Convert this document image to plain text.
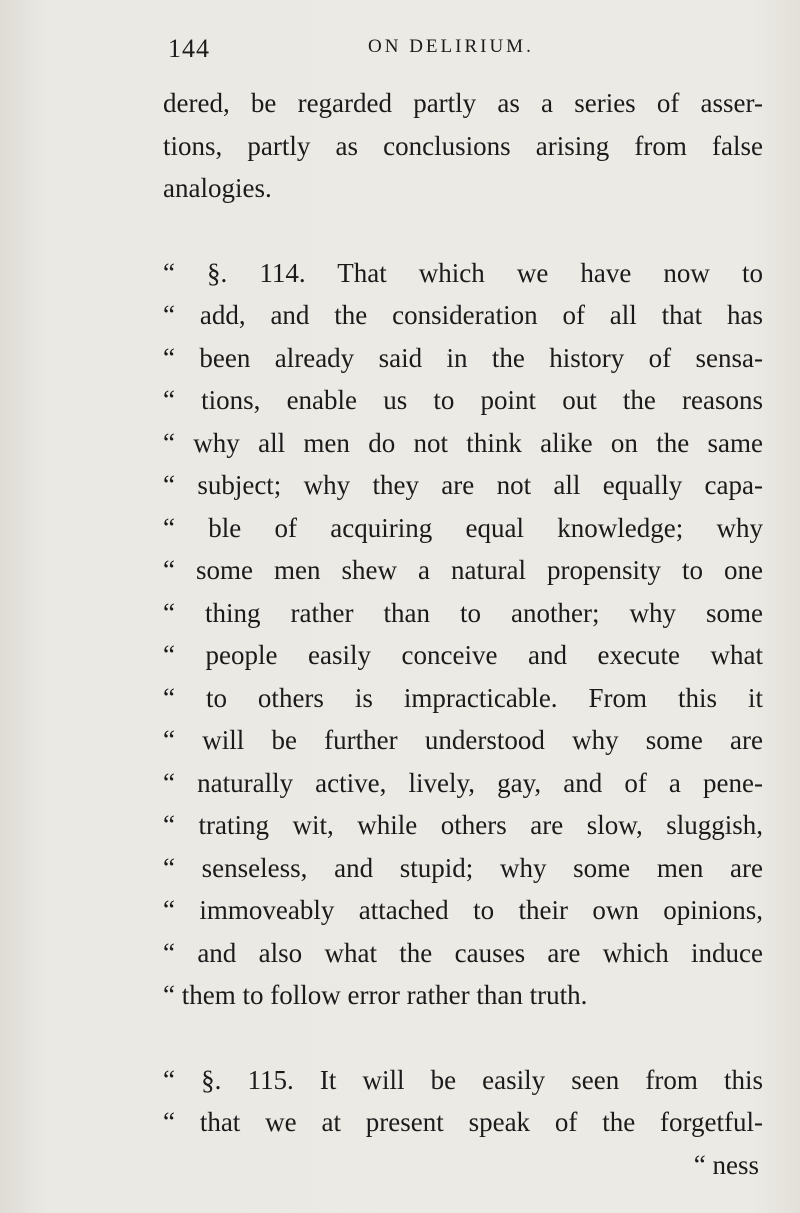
144	ON DELIRIUM.
dered, be regarded partly as a series of asser-
tions, partly as conclusions arising from false
analogies.
“ §. 114. That which we have now to
“ add, and the consideration of all that has
“ been already said in the history of sensa-
“ tions, enable us to point out the reasons
“ why all men do not think alike on the same
“ subject; why they are not all equally capa-
“ ble of acquiring equal knowledge; why
“ some men shew a natural propensity to one
“ thing rather than to another; why some
“ people easily conceive and execute what
“ to others is impracticable. From this it
“ will be further understood why some are
“ naturally active, lively, gay, and of a pene-
“ trating wit, while others are slow, sluggish,
“ senseless, and stupid; why some men are
“ immoveably attached to their own opinions,
“ and also what the causes are which induce
“ them to follow error rather than truth.
“ §. 115. It will be easily seen from this
“ that we at present speak of the forgetful-
“ ness
